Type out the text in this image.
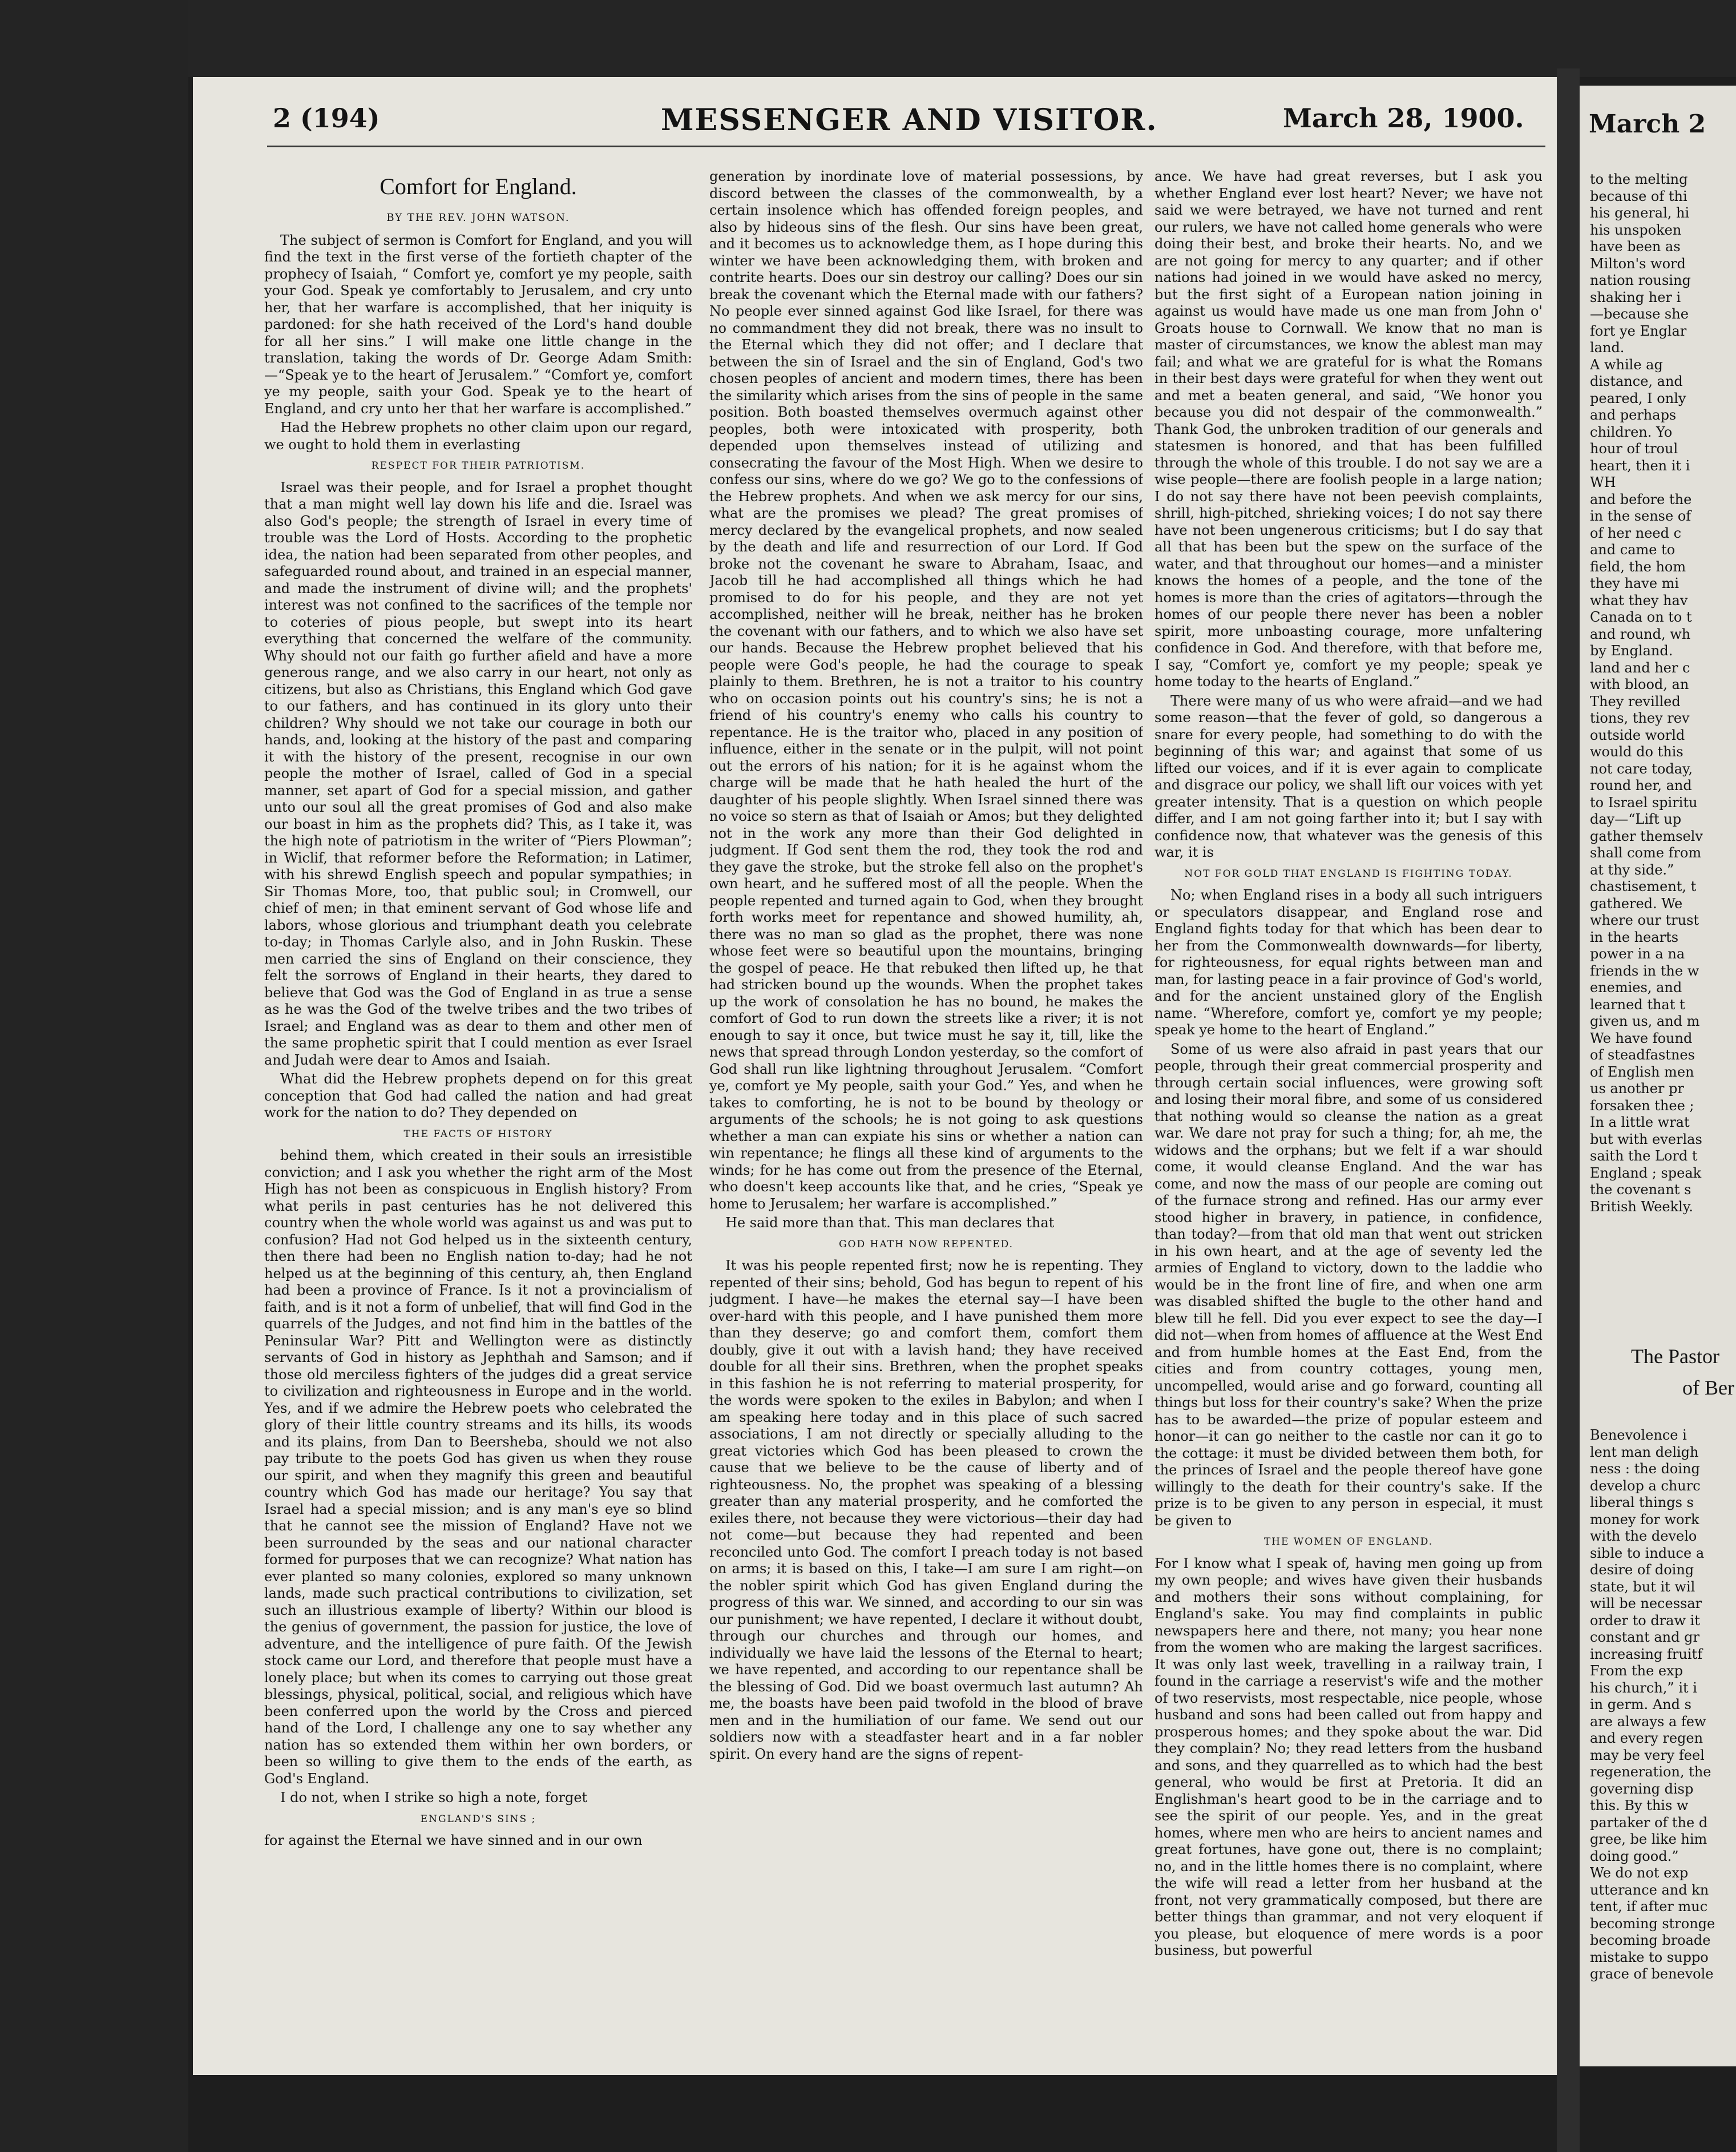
2 (194)	MESSENGER AND VISITOR.	March 28, 1900.
Comfort for England.
BY THE REV. JOHN WATSON.

The subject of sermon is Comfort for England, and you will find the text in the first verse of the fortieth chapter of the prophecy of Isaiah, “ Comfort ye, comfort ye my people, saith your God. Speak ye comfortably to Jerusalem, and cry unto her, that her warfare is accomplished, that her iniquity is pardoned: for she hath received of the Lord's hand double for all her sins.” I will make one little change in the translation, taking the words of Dr. George Adam Smith:—“Speak ye to the heart of Jerusalem.” “Comfort ye, comfort ye my people, saith your God. Speak ye to the heart of England, and cry unto her that her warfare is accomplished.”

Had the Hebrew prophets no other claim upon our regard, we ought to hold them in everlasting

RESPECT FOR THEIR PATRIOTISM.

Israel was their people, and for Israel a prophet thought that a man might well lay down his life and die. Israel was also God's people; the strength of Israel in every time of trouble was the Lord of Hosts. According to the prophetic idea, the nation had been separated from other peoples, and safeguarded round about, and trained in an especial manner, and made the instrument of divine will; and the prophets' interest was not confined to the sacrifices of the temple nor to coteries of pious people, but swept into its heart everything that concerned the welfare of the community. Why should not our faith go further afield and have a more generous range, and we also carry in our heart, not only as citizens, but also as Christians, this England which God gave to our fathers, and has continued in its glory unto their children? Why should we not take our courage in both our hands, and, looking at the history of the past and comparing it with the history of the present, recognise in our own people the mother of Israel, called of God in a special manner, set apart of God for a special mission, and gather unto our soul all the great promises of God and also make our boast in him as the prophets did? This, as I take it, was the high note of patriotism in the writer of “Piers Plowman”; in Wiclif, that reformer before the Reformation; in Latimer, with his shrewd English speech and popular sympathies; in Sir Thomas More, too, that public soul; in Cromwell, our chief of men; in that eminent servant of God whose life and labors, whose glorious and triumphant death you celebrate to-day; in Thomas Carlyle also, and in John Ruskin. These men carried the sins of England on their conscience, they felt the sorrows of England in their hearts, they dared to believe that God was the God of England in as true a sense as he was the God of the twelve tribes and the two tribes of Israel; and England was as dear to them and other men of the same prophetic spirit that I could mention as ever Israel and Judah were dear to Amos and Isaiah.

What did the Hebrew prophets depend on for this great conception that God had called the nation and had great work for the nation to do? They depended on

THE FACTS OF HISTORY

behind them, which created in their souls an irresistible conviction; and I ask you whether the right arm of the Most High has not been as conspicuous in English history? From what perils in past centuries has he not delivered this country when the whole world was against us and was put to confusion? Had not God helped us in the sixteenth century, then there had been no English nation to-day; had he not helped us at the beginning of this century, ah, then England had been a province of France. Is it not a provincialism of faith, and is it not a form of unbelief, that will find God in the quarrels of the Judges, and not find him in the battles of the Peninsular War? Pitt and Wellington were as distinctly servants of God in history as Jephthah and Samson; and if those old merciless fighters of the judges did a great service to civilization and righteousness in Europe and in the world. Yes, and if we admire the Hebrew poets who celebrated the glory of their little country streams and its hills, its woods and its plains, from Dan to Beersheba, should we not also pay tribute to the poets God has given us when they rouse our spirit, and when they magnify this green and beautiful country which God has made our heritage? You say that Israel had a special mission; and is any man's eye so blind that he cannot see the mission of England? Have not we been surrounded by the seas and our national character formed for purposes that we can recognize? What nation has ever planted so many colonies, explored so many unknown lands, made such practical contributions to civilization, set such an illustrious example of liberty? Within our blood is the genius of government, the passion for justice, the love of adventure, and the intelligence of pure faith. Of the Jewish stock came our Lord, and therefore that people must have a lonely place; but when its comes to carrying out those great blessings, physical, political, social, and religious which have been conferred upon the world by the Cross and pierced hand of the Lord, I challenge any one to say whether any nation has so extended them within her own borders, or been so willing to give them to the ends of the earth, as God's England.

I do not, when I strike so high a note, forget

ENGLAND'S SINS ;

for against the Eternal we have sinned and in our own

generation by inordinate love of material possessions, by discord between the classes of the commonwealth, by a certain insolence which has offended foreign peoples, and also by hideous sins of the flesh. Our sins have been great, and it becomes us to acknowledge them, as I hope during this winter we have been acknowledging them, with broken and contrite hearts. Does our sin destroy our calling? Does our sin break the covenant which the Eternal made with our fathers? No people ever sinned against God like Israel, for there was no commandment they did not break, there was no insult to the Eternal which they did not offer; and I declare that between the sin of Israel and the sin of England, God's two chosen peoples of ancient and modern times, there has been the similarity which arises from the sins of people in the same position. Both boasted themselves overmuch against other peoples, both were intoxicated with prosperity, both depended upon themselves instead of utilizing and consecrating the favour of the Most High. When we desire to confess our sins, where do we go? We go to the confessions of the Hebrew prophets. And when we ask mercy for our sins, what are the promises we plead? The great promises of mercy declared by the evangelical prophets, and now sealed by the death and life and resurrection of our Lord. If God broke not the covenant he sware to Abraham, Isaac, and Jacob till he had accomplished all things which he had promised to do for his people, and they are not yet accomplished, neither will he break, neither has he broken the covenant with our fathers, and to which we also have set our hands. Because the Hebrew prophet believed that his people were God's people, he had the courage to speak plainly to them. Brethren, he is not a traitor to his country who on occasion points out his country's sins; he is not a friend of his country's enemy who calls his country to repentance. He is the traitor who, placed in any position of influence, either in the senate or in the pulpit, will not point out the errors of his nation; for it is he against whom the charge will be made that he hath healed the hurt of the daughter of his people slightly. When Israel sinned there was no voice so stern as that of Isaiah or Amos; but they delighted not in the work any more than their God delighted in judgment. If God sent them the rod, they took the rod and they gave the stroke, but the stroke fell also on the prophet's own heart, and he suffered most of all the people. When the people repented and turned again to God, when they brought forth works meet for repentance and showed humility, ah, there was no man so glad as the prophet, there was none whose feet were so beautiful upon the mountains, bringing the gospel of peace. He that rebuked then lifted up, he that had stricken bound up the wounds. When the prophet takes up the work of consolation he has no bound, he makes the comfort of God to run down the streets like a river; it is not enough to say it once, but twice must he say it, till, like the news that spread through London yesterday, so the comfort of God shall run like lightning throughout Jerusalem. “Comfort ye, comfort ye My people, saith your God.” Yes, and when he takes to comforting, he is not to be bound by theology or arguments of the schools; he is not going to ask questions whether a man can expiate his sins or whether a nation can win repentance; he flings all these kind of arguments to the winds; for he has come out from the presence of the Eternal, who doesn't keep accounts like that, and he cries, “Speak ye home to Jerusalem; her warfare is accomplished.”

He said more than that. This man declares that

GOD HATH NOW REPENTED.

It was his people repented first; now he is repenting. They repented of their sins; behold, God has begun to repent of his judgment. I have—he makes the eternal say—I have been over-hard with this people, and I have punished them more than they deserve; go and comfort them, comfort them doubly, give it out with a lavish hand; they have received double for all their sins. Brethren, when the prophet speaks in this fashion he is not referring to material prosperity, for the words were spoken to the exiles in Babylon; and when I am speaking here today and in this place of such sacred associations, I am not directly or specially alluding to the great victories which God has been pleased to crown the cause that we believe to be the cause of liberty and of righteousness. No, the prophet was speaking of a blessing greater than any material prosperity, and he comforted the exiles there, not because they were victorious—their day had not come—but because they had repented and been reconciled unto God. The comfort I preach today is not based on arms; it is based on this, I take—I am sure I am right—on the nobler spirit which God has given England during the progress of this war. We sinned, and according to our sin was our punishment; we have repented, I declare it without doubt, through our churches and through our homes, and individually we have laid the lessons of the Eternal to heart; we have repented, and according to our repentance shall be the blessing of God. Did we boast overmuch last autumn? Ah me, the boasts have been paid twofold in the blood of brave men and in the humiliation of our fame. We send out our soldiers now with a steadfaster heart and in a far nobler spirit. On every hand are the signs of repent-

ance. We have had great reverses, but I ask you whether England ever lost heart? Never; we have not said we were betrayed, we have not turned and rent our rulers, we have not called home generals who were doing their best, and broke their hearts. No, and we are not going for mercy to any quarter; and if other nations had joined in we would have asked no mercy, but the first sight of a European nation joining in against us would have made us one man from John o' Groats house to Cornwall. We know that no man is master of circumstances, we know the ablest man may fail; and what we are grateful for is what the Romans in their best days were grateful for when they went out and met a beaten general, and said, “We honor you because you did not despair of the commonwealth.” Thank God, the unbroken tradition of our generals and statesmen is honored, and that has been fulfilled through the whole of this trouble. I do not say we are a wise people—there are foolish people in a large nation; I do not say there have not been peevish complaints, shrill, high-pitched, shrieking voices; I do not say there have not been ungenerous criticisms; but I do say that all that has been but the spew on the surface of the water, and that throughout our homes—and a minister knows the homes of a people, and the tone of the homes is more than the cries of agitators—through the homes of our people there never has been a nobler spirit, more unboasting courage, more unfaltering confidence in God. And therefore, with that before me, I say, “Comfort ye, comfort ye my people; speak ye home today to the hearts of England.”

There were many of us who were afraid—and we had some reason—that the fever of gold, so dangerous a snare for every people, had something to do with the beginning of this war; and against that some of us lifted our voices, and if it is ever again to complicate and disgrace our policy, we shall lift our voices with yet greater intensity. That is a question on which people differ, and I am not going farther into it; but I say with confidence now, that whatever was the genesis of this war, it is

NOT FOR GOLD THAT ENGLAND IS FIGHTING TODAY.

No; when England rises in a body all such intriguers or speculators disappear, and England rose and England fights today for that which has been dear to her from the Commonwealth downwards—for liberty, for righteousness, for equal rights between man and man, for lasting peace in a fair province of God's world, and for the ancient unstained glory of the English name. “Wherefore, comfort ye, comfort ye my people; speak ye home to the heart of England.”

Some of us were also afraid in past years that our people, through their great commercial prosperity and through certain social influences, were growing soft and losing their moral fibre, and some of us considered that nothing would so cleanse the nation as a great war. We dare not pray for such a thing; for, ah me, the widows and the orphans; but we felt if a war should come, it would cleanse England. And the war has come, and now the mass of our people are coming out of the furnace strong and refined. Has our army ever stood higher in bravery, in patience, in confidence, than today?—from that old man that went out stricken in his own heart, and at the age of seventy led the armies of England to victory, down to the laddie who would be in the front line of fire, and when one arm was disabled shifted the bugle to the other hand and blew till he fell. Did you ever expect to see the day—I did not—when from homes of affluence at the West End and from humble homes at the East End, from the cities and from country cottages, young men, uncompelled, would arise and go forward, counting all things but loss for their country's sake? When the prize has to be awarded—the prize of popular esteem and honor—it can go neither to the castle nor can it go to the cottage: it must be divided between them both, for the princes of Israel and the people thereof have gone willingly to the death for their country's sake. If the prize is to be given to any person in especial, it must be given to

THE WOMEN OF ENGLAND.

For I know what I speak of, having men going up from my own people; and wives have given their husbands and mothers their sons without complaining, for England's sake. You may find complaints in public newspapers here and there, not many; you hear none from the women who are making the largest sacrifices. It was only last week, travelling in a railway train, I found in the carriage a reservist's wife and the mother of two reservists, most respectable, nice people, whose husband and sons had been called out from happy and prosperous homes; and they spoke about the war. Did they complain? No; they read letters from the husband and sons, and they quarrelled as to which had the best general, who would be first at Pretoria. It did an Englishman's heart good to be in the carriage and to see the spirit of our people. Yes, and in the great homes, where men who are heirs to ancient names and great fortunes, have gone out, there is no complaint; no, and in the little homes there is no complaint, where the wife will read a letter from her husband at the front, not very grammatically composed, but there are better things than grammar, and not very eloquent if you please, but eloquence of mere words is a poor business, but powerful

March 2
to the melting
because of thi
his general, hi
his unspoken
have been as
Milton's word
nation rousing
shaking her i
—because she
fort ye Englar
land.
A while ag
distance, and
peared, I only
and perhaps
children. Yo
hour of troul
heart, then it i
WH
and before the
in the sense of
of her need c
and came to
field, the hom
they have mi
what they hav
Canada on to t
and round, wh
by England.
land and her c
with blood, an
They revilled
tions, they rev
outside world
would do this
not care today,
round her, and
to Israel spiritu
day—“Lift up
gather themselv
shall come from
at thy side.”
chastisement, t
gathered. We
where our trust
in the hearts
power in a na
friends in the w
enemies, and
learned that t
given us, and m
We have found
of steadfastnes
of English men
us another pr
forsaken thee ;
In a little wrat
but with everlas
saith the Lord t
England ; speak
the covenant s
British Weekly.
The Pastor
of Ber
Benevolence i
lent man deligh
ness : the doing
develop a churc
liberal things s
money for work
with the develo
sible to induce a
desire of doing
state, but it wil
will be necessar
order to draw it
constant and gr
increasing fruitf
From the exp
his church,” it i
in germ. And s
are always a few
and every regen
may be very feel
regeneration, the
governing disp
this. By this w
partaker of the d
gree, be like him
doing good.”
We do not exp
utterance and kn
tent, if after muc
becoming stronge
becoming broade
mistake to suppo
grace of benevole
